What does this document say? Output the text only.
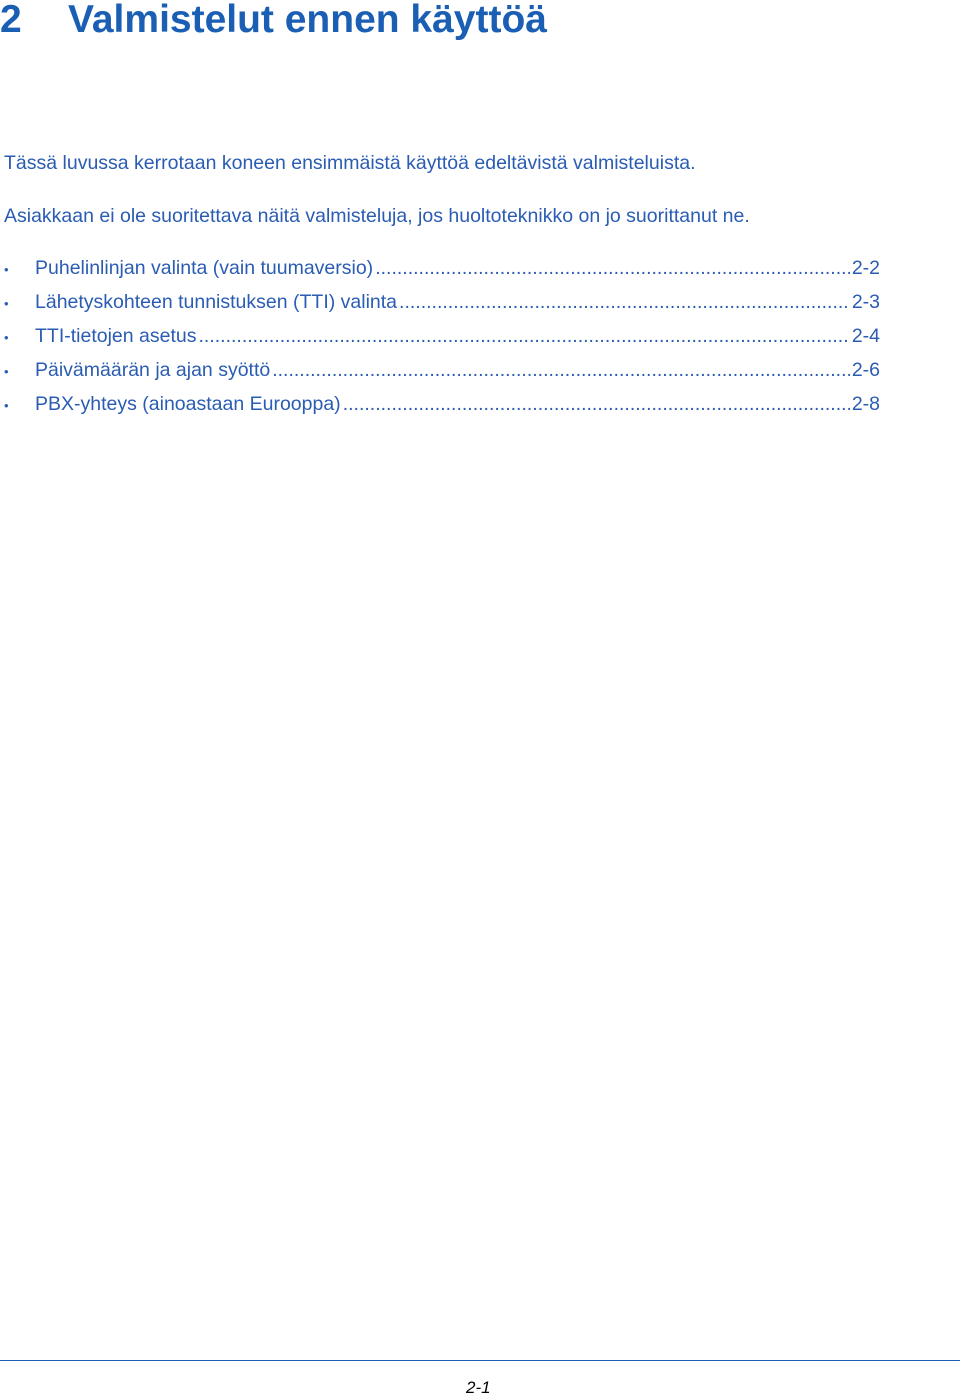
2 Valmistelut ennen käyttöä

Tässä luvussa kerrotaan koneen ensimmäistä käyttöä edeltävistä valmisteluista.

Asiakkaan ei ole suoritettava näitä valmisteluja, jos huoltoteknikko on jo suorittanut ne.

•	Puhelinlinjan valinta (vain tuumaversio) .....	2-2
•	Lähetyskohteen tunnistuksen (TTI) valinta .....	2-3
•	TTI-tietojen asetus .....	2-4
•	Päivämäärän ja ajan syöttö .....	2-6
•	PBX-yhteys (ainoastaan Eurooppa) .....	2-8
2-1
